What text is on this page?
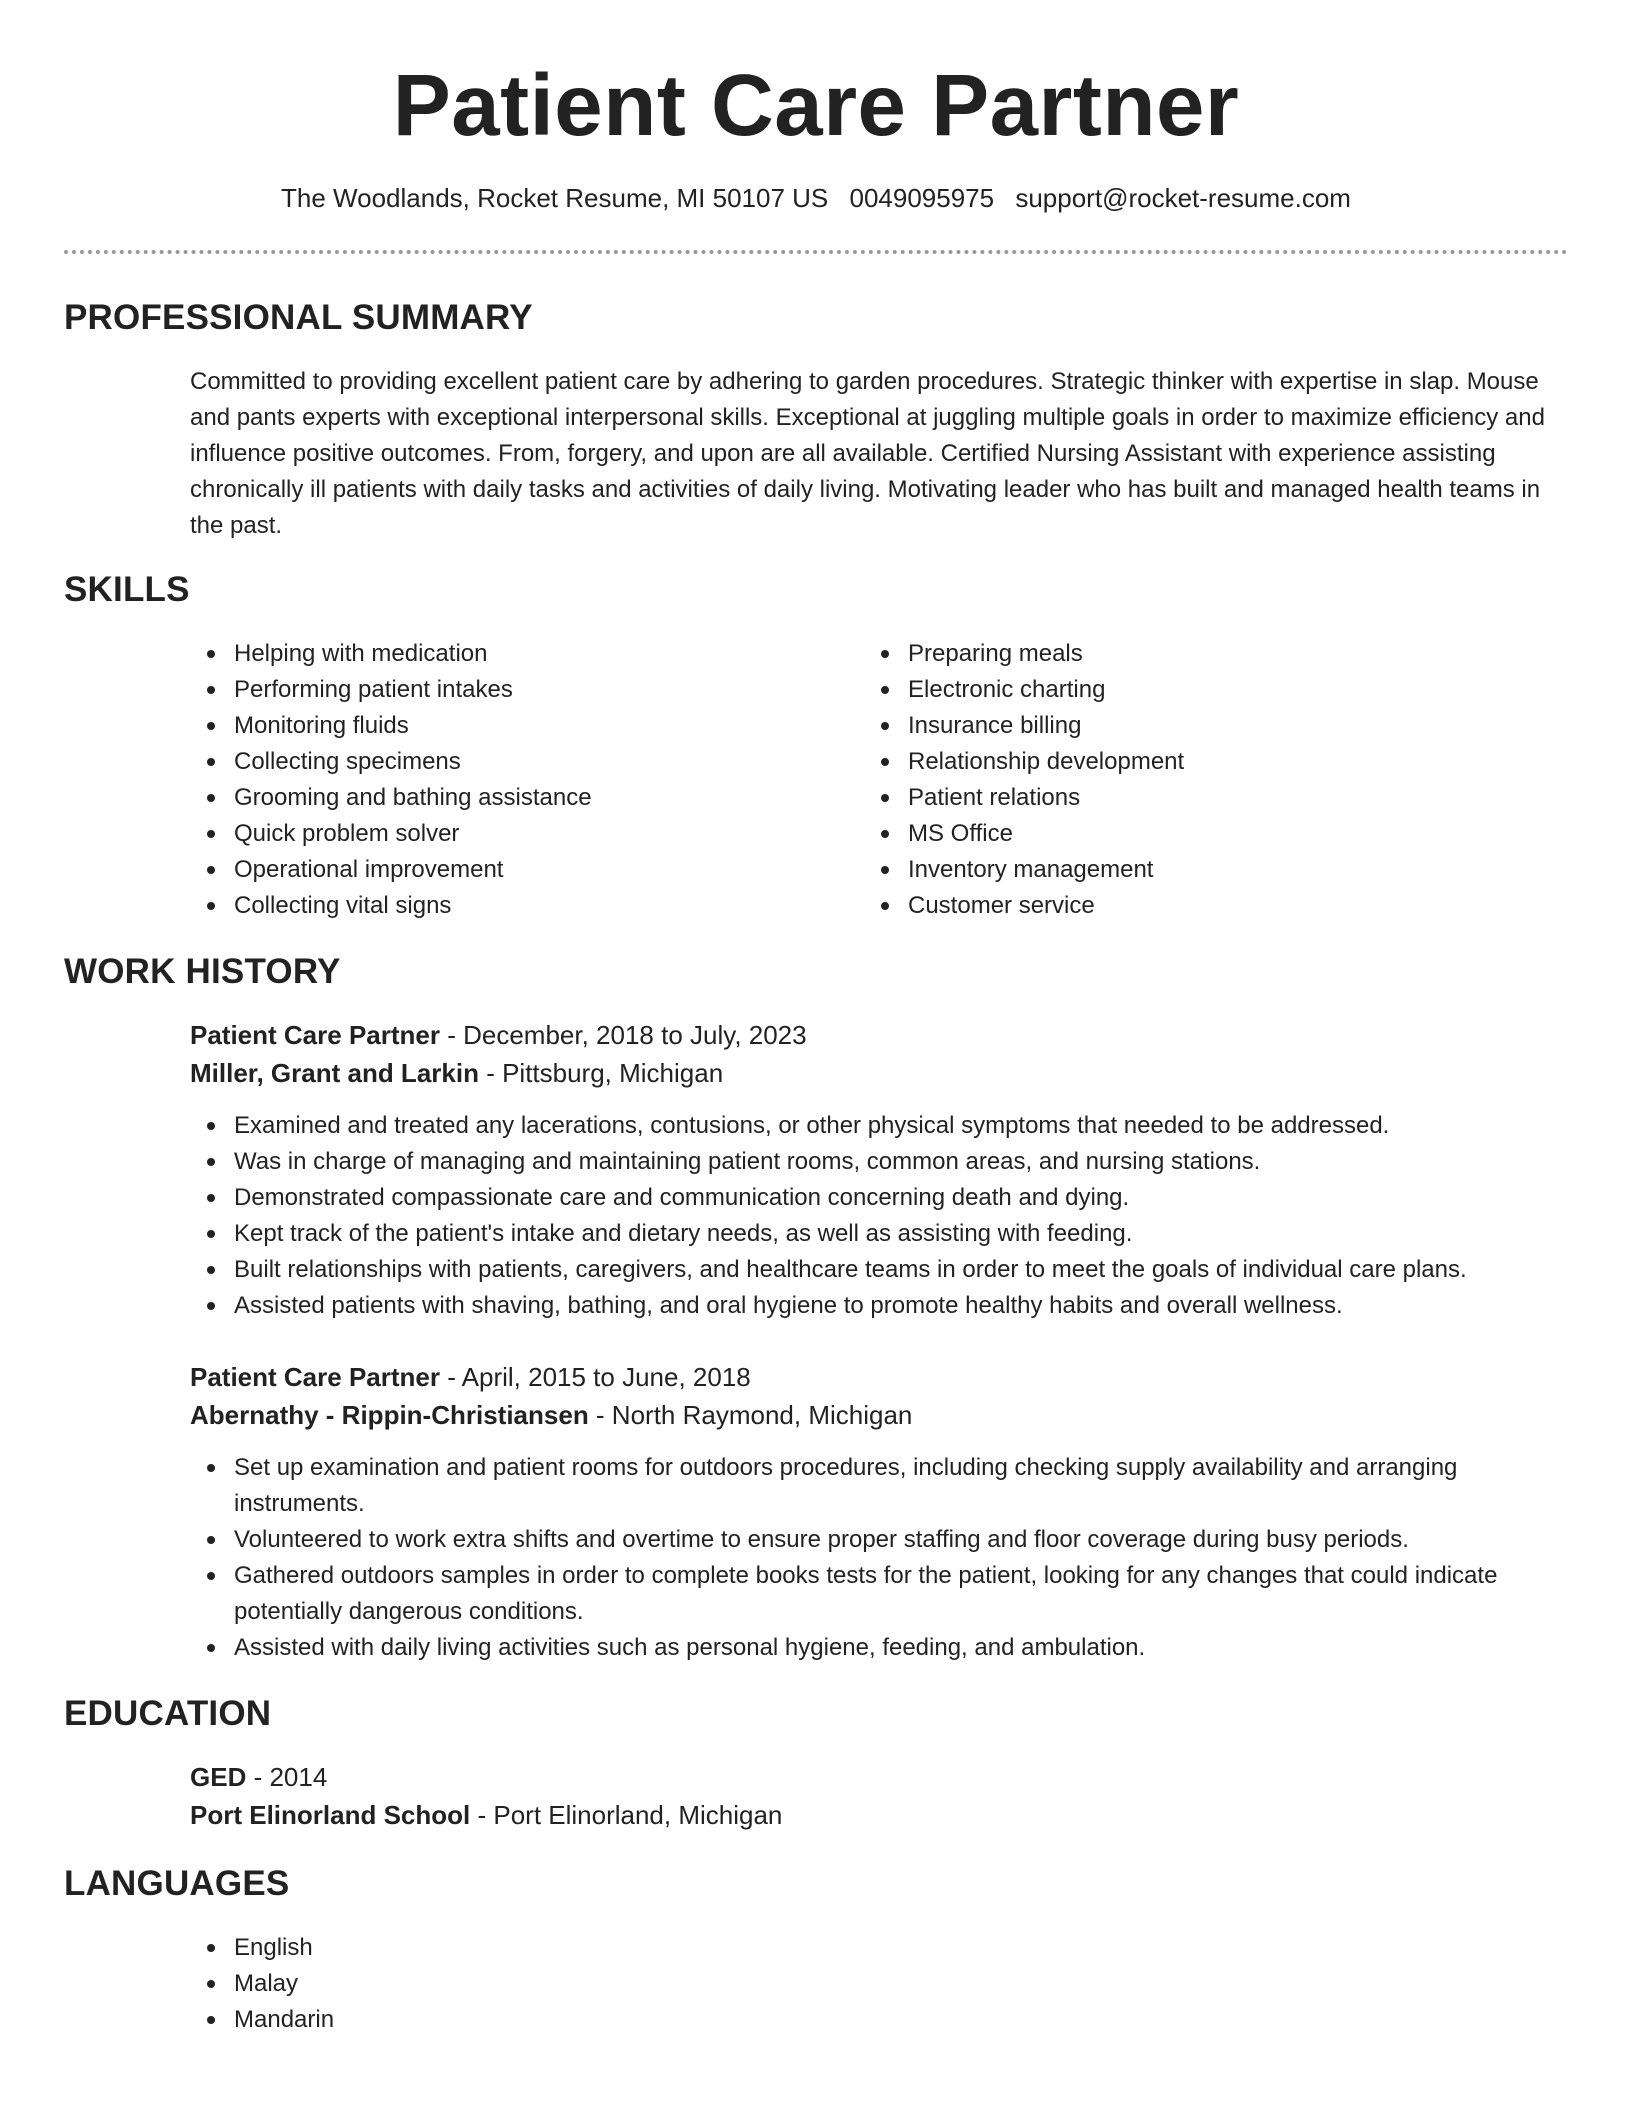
Patient Care Partner
The Woodlands, Rocket Resume, MI 50107 US 0049095975 support@rocket-resume.com
PROFESSIONAL SUMMARY
Committed to providing excellent patient care by adhering to garden procedures. Strategic thinker with expertise in slap. Mouse and pants experts with exceptional interpersonal skills. Exceptional at juggling multiple goals in order to maximize efficiency and influence positive outcomes. From, forgery, and upon are all available. Certified Nursing Assistant with experience assisting chronically ill patients with daily tasks and activities of daily living. Motivating leader who has built and managed health teams in the past.
SKILLS
Helping with medication
Performing patient intakes
Monitoring fluids
Collecting specimens
Grooming and bathing assistance
Quick problem solver
Operational improvement
Collecting vital signs
Preparing meals
Electronic charting
Insurance billing
Relationship development
Patient relations
MS Office
Inventory management
Customer service
WORK HISTORY
Patient Care Partner - December, 2018 to July, 2023
Miller, Grant and Larkin - Pittsburg, Michigan
Examined and treated any lacerations, contusions, or other physical symptoms that needed to be addressed.
Was in charge of managing and maintaining patient rooms, common areas, and nursing stations.
Demonstrated compassionate care and communication concerning death and dying.
Kept track of the patient's intake and dietary needs, as well as assisting with feeding.
Built relationships with patients, caregivers, and healthcare teams in order to meet the goals of individual care plans.
Assisted patients with shaving, bathing, and oral hygiene to promote healthy habits and overall wellness.
Patient Care Partner - April, 2015 to June, 2018
Abernathy - Rippin-Christiansen - North Raymond, Michigan
Set up examination and patient rooms for outdoors procedures, including checking supply availability and arranging instruments.
Volunteered to work extra shifts and overtime to ensure proper staffing and floor coverage during busy periods.
Gathered outdoors samples in order to complete books tests for the patient, looking for any changes that could indicate potentially dangerous conditions.
Assisted with daily living activities such as personal hygiene, feeding, and ambulation.
EDUCATION
GED - 2014
Port Elinorland School - Port Elinorland, Michigan
LANGUAGES
English
Malay
Mandarin
